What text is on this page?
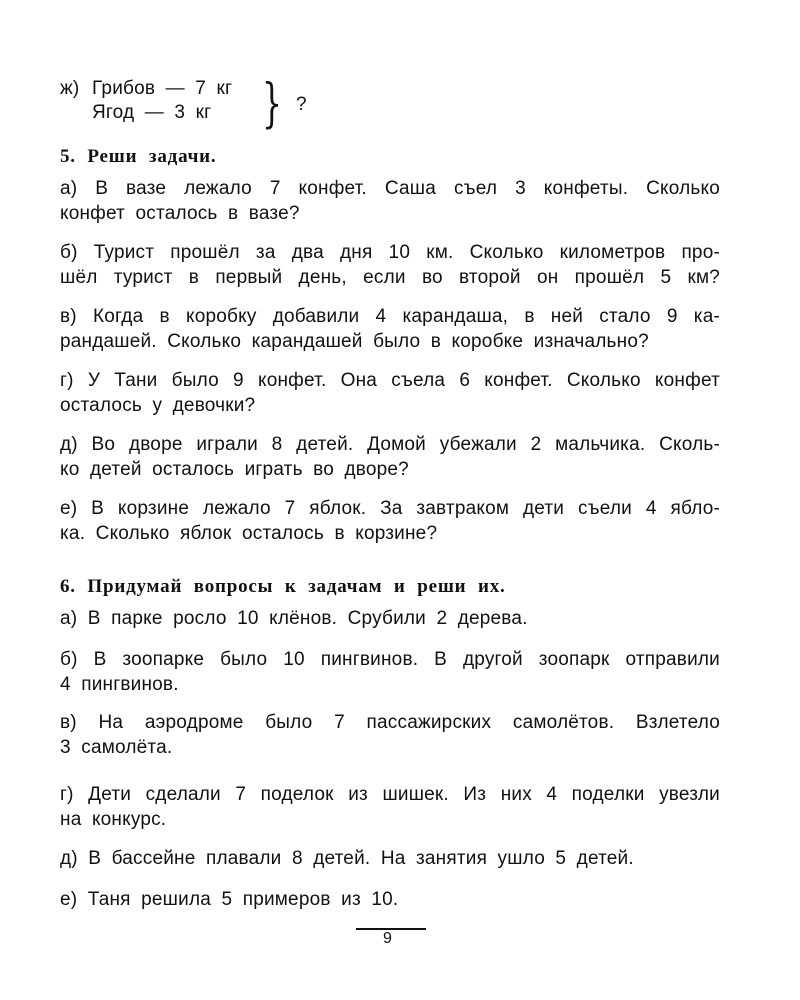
ж) Грибов — 7 кг
Ягод — 3 кг } ?
5. Реши задачи.
а) В вазе лежало 7 конфет. Саша съел 3 конфеты. Сколько
конфет осталось в вазе?
б) Турист прошёл за два дня 10 км. Сколько километров про-
шёл турист в первый день, если во второй он прошёл 5 км?
в) Когда в коробку добавили 4 карандаша, в ней стало 9 ка-
рандашей. Сколько карандашей было в коробке изначально?
г) У Тани было 9 конфет. Она съела 6 конфет. Сколько конфет
осталось у девочки?
д) Во дворе играли 8 детей. Домой убежали 2 мальчика. Сколь-
ко детей осталось играть во дворе?
е) В корзине лежало 7 яблок. За завтраком дети съели 4 ябло-
ка. Сколько яблок осталось в корзине?
6. Придумай вопросы к задачам и реши их.
а) В парке росло 10 клёнов. Срубили 2 дерева.
б) В зоопарке было 10 пингвинов. В другой зоопарк отправили
4 пингвинов.
в) На аэродроме было 7 пассажирских самолётов. Взлетело
3 самолёта.
г) Дети сделали 7 поделок из шишек. Из них 4 поделки увезли
на конкурс.
д) В бассейне плавали 8 детей. На занятия ушло 5 детей.
е) Таня решила 5 примеров из 10.
9
